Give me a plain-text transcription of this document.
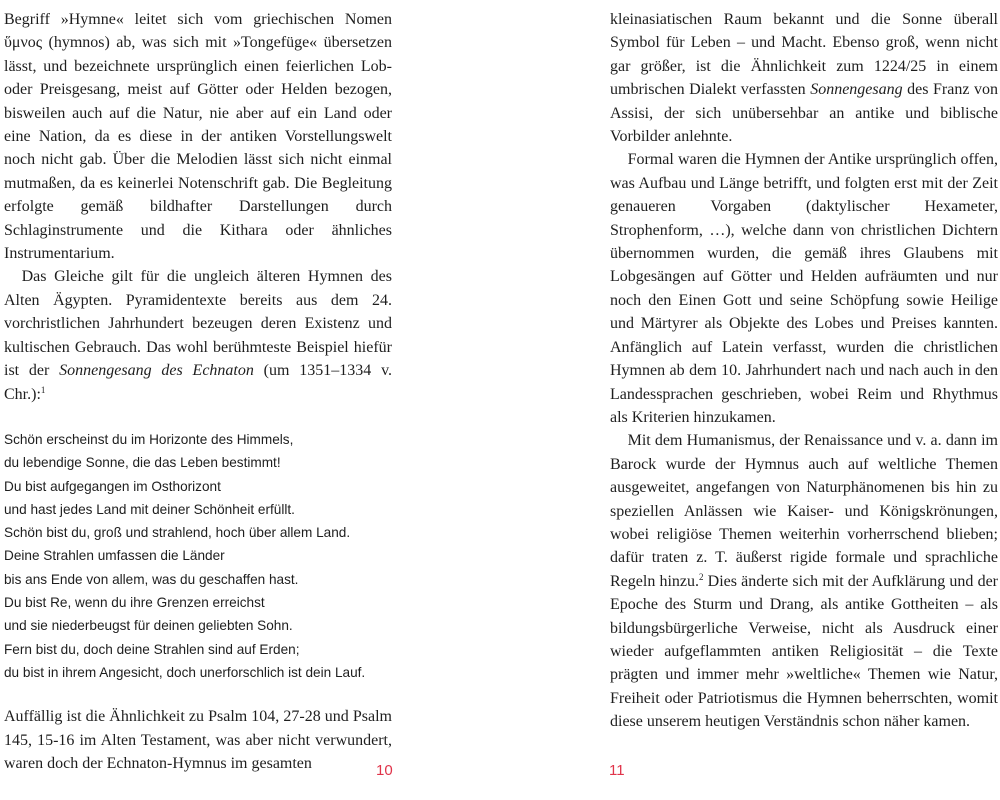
Begriff »Hymne« leitet sich vom griechischen Nomen ὕμνος (hymnos) ab, was sich mit »Tongefüge« übersetzen lässt, und bezeichnete ursprünglich einen feierlichen Lob- oder Preisgesang, meist auf Götter oder Helden bezogen, bisweilen auch auf die Natur, nie aber auf ein Land oder eine Nation, da es diese in der antiken Vorstellungswelt noch nicht gab. Über die Melodien lässt sich nicht einmal mutmaßen, da es keinerlei Notenschrift gab. Die Begleitung erfolgte gemäß bildhafter Darstellungen durch Schlaginstrumente und die Kithara oder ähnliches Instrumentarium.

Das Gleiche gilt für die ungleich älteren Hymnen des Alten Ägypten. Pyramidentexte bereits aus dem 24. vorchristlichen Jahrhundert bezeugen deren Existenz und kultischen Gebrauch. Das wohl berühmteste Beispiel hiefür ist der Sonnengesang des Echnaton (um 1351–1334 v. Chr.):$^1$

Schön erscheinst du im Horizonte des Himmels,
du lebendige Sonne, die das Leben bestimmt!
Du bist aufgegangen im Osthorizont
und hast jedes Land mit deiner Schönheit erfüllt.
Schön bist du, groß und strahlend, hoch über allem Land.
Deine Strahlen umfassen die Länder
bis ans Ende von allem, was du geschaffen hast.
Du bist Re, wenn du ihre Grenzen erreichst
und sie niederbeugst für deinen geliebten Sohn.
Fern bist du, doch deine Strahlen sind auf Erden;
du bist in ihrem Angesicht, doch unerforschlich ist dein Lauf.

Auffällig ist die Ähnlichkeit zu Psalm 104, 27-28 und Psalm 145, 15-16 im Alten Testament, was aber nicht verwundert, waren doch der Echnaton-Hymnus im gesamten	10

kleinasiatischen Raum bekannt und die Sonne überall Symbol für Leben – und Macht. Ebenso groß, wenn nicht gar größer, ist die Ähnlichkeit zum 1224/25 in einem umbrischen Dialekt verfassten Sonnengesang des Franz von Assisi, der sich unübersehbar an antike und biblische Vorbilder anlehnte.

Formal waren die Hymnen der Antike ursprünglich offen, was Aufbau und Länge betrifft, und folgten erst mit der Zeit genaueren Vorgaben (daktylischer Hexameter, Strophenform, …), welche dann von christlichen Dichtern übernommen wurden, die gemäß ihres Glaubens mit Lobgesängen auf Götter und Helden aufräumten und nur noch den Einen Gott und seine Schöpfung sowie Heilige und Märtyrer als Objekte des Lobes und Preises kannten. Anfänglich auf Latein verfasst, wurden die christlichen Hymnen ab dem 10. Jahrhundert nach und nach auch in den Landessprachen geschrieben, wobei Reim und Rhythmus als Kriterien hinzukamen.

Mit dem Humanismus, der Renaissance und v. a. dann im Barock wurde der Hymnus auch auf weltliche Themen ausgeweitet, angefangen von Naturphänomenen bis hin zu speziellen Anlässen wie Kaiser- und Königskrönungen, wobei religiöse Themen weiterhin vorherrschend blieben; dafür traten z. T. äußerst rigide formale und sprachliche Regeln hinzu.$^2$ Dies änderte sich mit der Aufklärung und der Epoche des Sturm und Drang, als antike Gottheiten – als bildungsbürgerliche Verweise, nicht als Ausdruck einer wieder aufgeflammten antiken Religiosität – die Texte prägten und immer mehr »weltliche« Themen wie Natur, Freiheit oder Patriotismus die Hymnen beherrschten, womit diese unserem heutigen Verständnis schon näher kamen.

11
